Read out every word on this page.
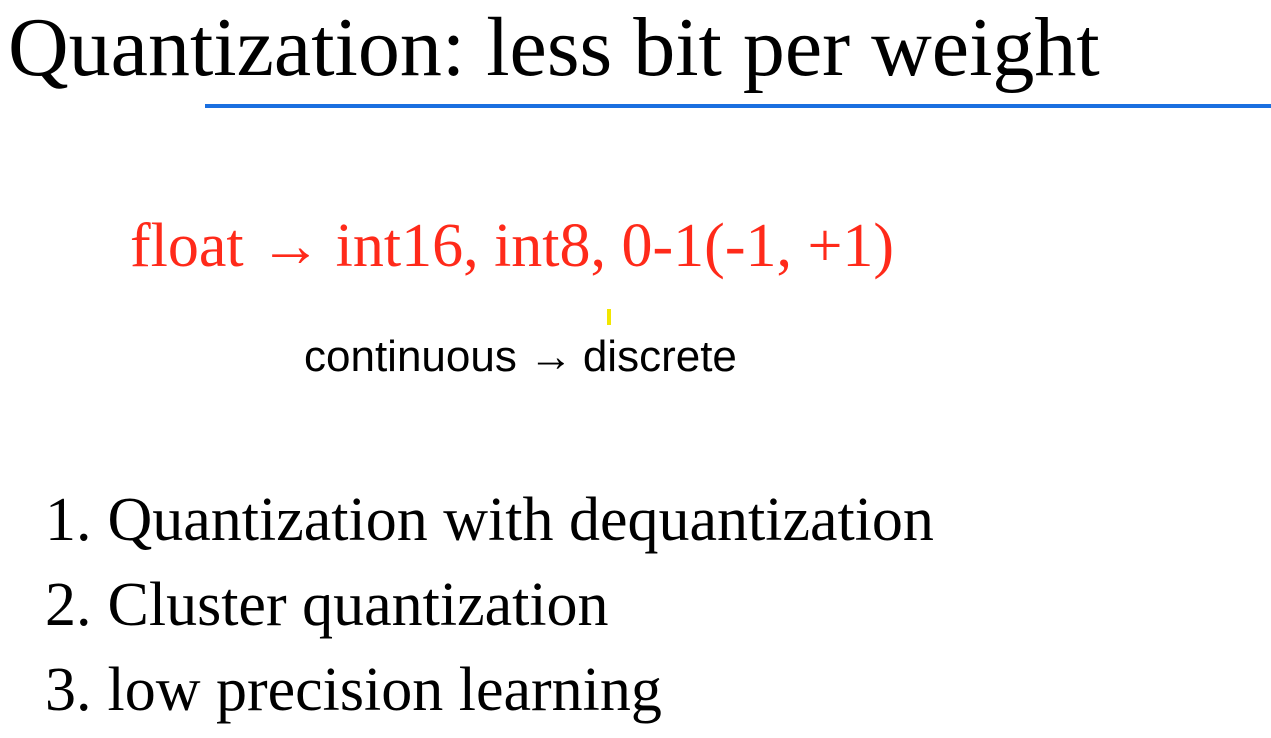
Quantization: less bit per weight

float → int16, int8, 0-1(-1, +1)

continuous → discrete

1. Quantization with dequantization
2. Cluster quantization
3. low precision learning
